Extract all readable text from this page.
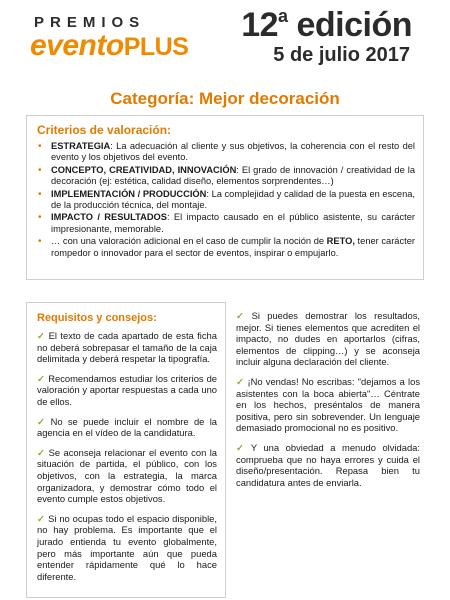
PREMIOS
eventoPLUS
12$^a$ edición
5 de julio 2017
Categoría: Mejor decoración
Criterios de valoración:
• ESTRATEGIA: La adecuación al cliente y sus objetivos, la coherencia con el resto del evento y los objetivos del evento.
• CONCEPTO, CREATIVIDAD, INNOVACIÓN: El grado de innovación / creatividad de la decoración (ej: estética, calidad diseño, elementos sorprendentes…)
• IMPLEMENTACIÓN / PRODUCCIÓN: La complejidad y calidad de la puesta en escena, de la producción técnica, del montaje.
• IMPACTO / RESULTADOS: El impacto causado en el público asistente, su carácter impresionante, memorable.
• … con una valoración adicional en el caso de cumplir la noción de RETO, tener carácter rompedor o innovador para el sector de eventos, inspirar o empujarlo.
Requisitos y consejos:

✓ El texto de cada apartado de esta ficha no deberá sobrepasar el tamaño de la caja delimitada y deberá respetar la tipografía.

✓ Recomendamos estudiar los criterios de valoración y aportar respuestas a cada uno de ellos.

✓ No se puede incluir el nombre de la agencia en el vídeo de la candidatura.

✓ Se aconseja relacionar el evento con la situación de partida, el público, con los objetivos, con la estrategia, la marca organizadora, y demostrar cómo todo el evento cumple estos objetivos.

✓ Si no ocupas todo el espacio disponible, no hay problema. Es importante que el jurado entienda tu evento globalmente, pero más importante aún que pueda entender rápidamente qué lo hace diferente.

✓ Si puedes demostrar los resultados, mejor. Si tienes elementos que acrediten el impacto, no dudes en aportarlos (cifras, elementos de clipping…) y se aconseja incluir alguna declaración del cliente.

✓ ¡No vendas! No escribas: "dejamos a los asistentes con la boca abierta"… Céntrate en los hechos, preséntalos de manera positiva, pero sin sobrevender. Un lenguaje demasiado promocional no es positivo.

✓ Y una obviedad a menudo olvidada: comprueba que no haya errores y cuida el diseño/presentación. Repasa bien tu candidatura antes de enviarla.
